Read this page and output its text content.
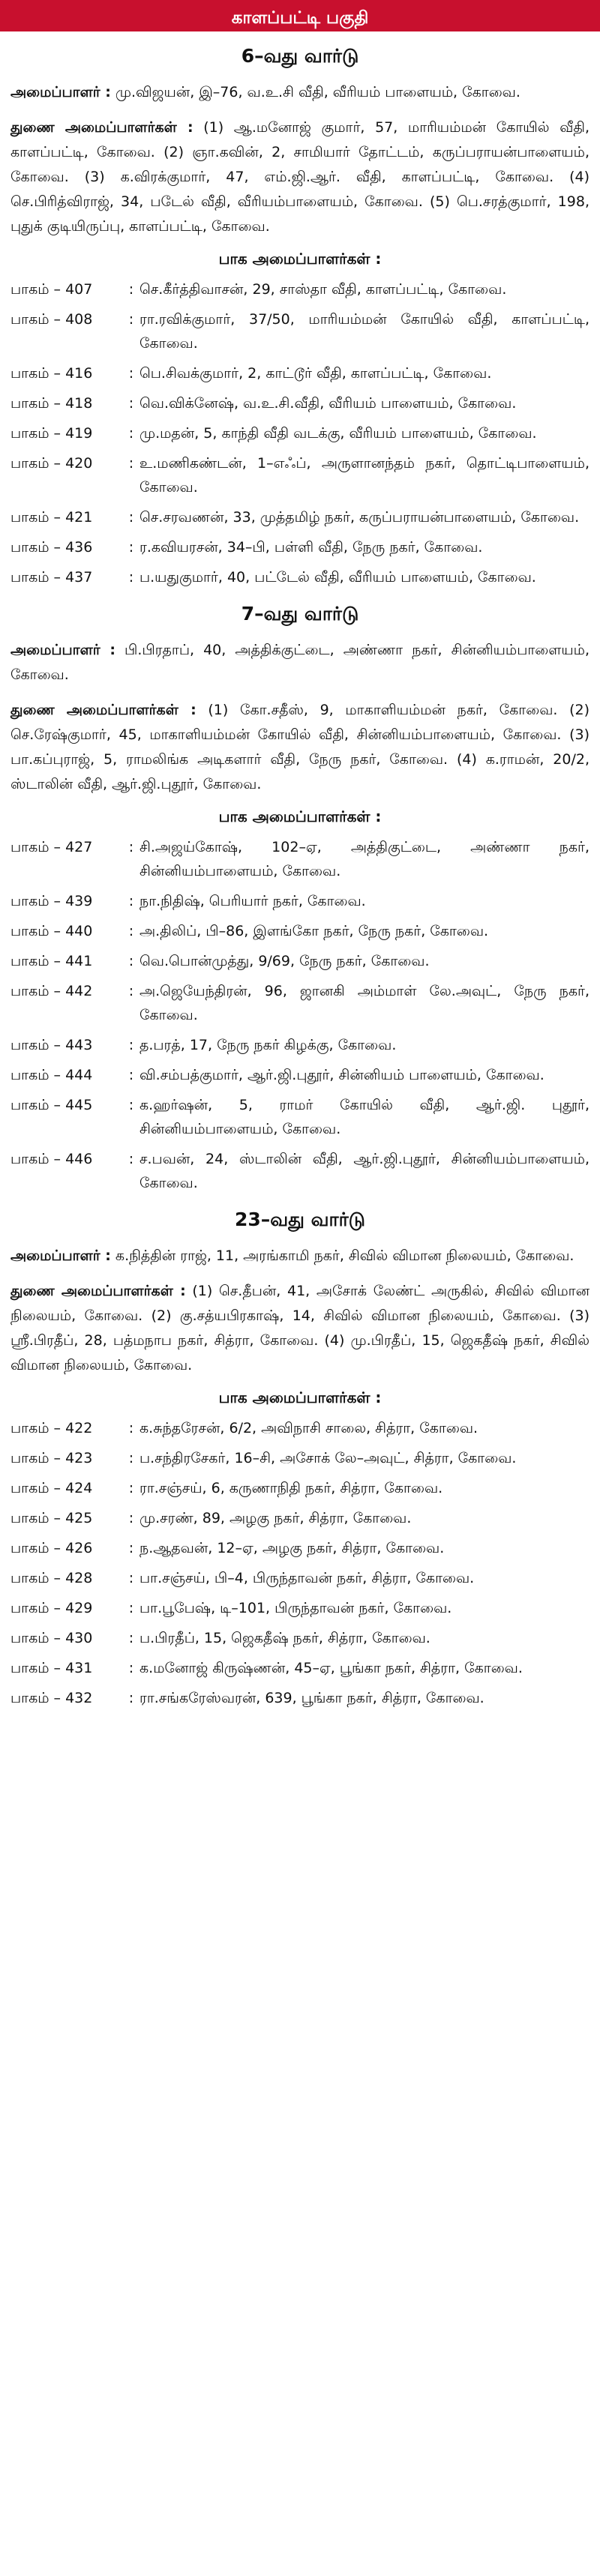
காளப்பட்டி பகுதி
6–வது வார்டு

அமைப்பாளர் : மு.விஜயன், இ–76, வ.உ.சி வீதி, வீரியம் பாளையம், கோவை.

துணை அமைப்பாளர்கள் : (1) ஆ.மனோஜ் குமார், 57, மாரியம்மன் கோயில் வீதி, காளப்பட்டி, கோவை. (2) ஞா.கவின், 2, சாமியார் தோட்டம், கருப்பராயன்பாளையம், கோவை. (3) க.விரக்குமார், 47, எம்.ஜி.ஆர். வீதி, காளப்பட்டி, கோவை. (4) செ.பிரித்விராஜ், 34, படேல் வீதி, வீரியம்பாளையம், கோவை. (5) பெ.சரத்குமார், 198, புதுக் குடியிருப்பு, காளப்பட்டி, கோவை.

பாக அமைப்பாளர்கள் :
பாகம் – 407	: செ.கீர்த்திவாசன், 29, சாஸ்தா வீதி, காளப்பட்டி, கோவை.
பாகம் – 408	: ரா.ரவிக்குமார், 37/50, மாரியம்மன் கோயில் வீதி, காளப்பட்டி, கோவை.
பாகம் – 416	: பெ.சிவக்குமார், 2, காட்டூர் வீதி, காளப்பட்டி, கோவை.
பாகம் – 418	: வெ.விக்னேஷ், வ.உ.சி.வீதி, வீரியம் பாளையம், கோவை.
பாகம் – 419	: மு.மதன், 5, காந்தி வீதி வடக்கு, வீரியம் பாளையம், கோவை.
பாகம் – 420	: உ.மணிகண்டன், 1–எஃப், அருளானந்தம் நகர், தொட்டிபாளையம், கோவை.
பாகம் – 421	: செ.சரவணன், 33, முத்தமிழ் நகர், கருப்பராயன்பாளையம், கோவை.
பாகம் – 436	: ர.கவியரசன், 34–பி, பள்ளி வீதி, நேரு நகர், கோவை.
பாகம் – 437	: ப.யதுகுமார், 40, பட்டேல் வீதி, வீரியம் பாளையம், கோவை.
7–வது வார்டு

அமைப்பாளர் : பி.பிரதாப், 40, அத்திக்குட்டை, அண்ணா நகர், சின்னியம்பாளையம், கோவை.

துணை அமைப்பாளர்கள் : (1) கோ.சதீஸ், 9, மாகாளியம்மன் நகர், கோவை. (2) செ.ரேஷ்குமார், 45, மாகாளியம்மன் கோயில் வீதி, சின்னியம்பாளையம், கோவை. (3) பா.கப்புராஜ், 5, ராமலிங்க அடிகளார் வீதி, நேரு நகர், கோவை. (4) க.ராமன், 20/2, ஸ்டாலின் வீதி, ஆர்.ஜி.புதூர், கோவை.

பாக அமைப்பாளர்கள் :
பாகம் – 427	: சி.அஜய்கோஷ், 102–ஏ, அத்திகுட்டை, அண்ணா நகர், சின்னியம்பாளையம், கோவை.
பாகம் – 439	: நா.நிதிஷ், பெரியார் நகர், கோவை.
பாகம் – 440	: அ.திலிப், பி–86, இளங்கோ நகர், நேரு நகர், கோவை.
பாகம் – 441	: வெ.பொன்முத்து, 9/69, நேரு நகர், கோவை.
பாகம் – 442	: அ.ஜெயேந்திரன், 96, ஜானகி அம்மாள் லே.அவுட், நேரு நகர், கோவை.
பாகம் – 443	: த.பரத், 17, நேரு நகர் கிழக்கு, கோவை.
பாகம் – 444	: வி.சம்பத்குமார், ஆர்.ஜி.புதூர், சின்னியம் பாளையம், கோவை.
பாகம் – 445	: க.ஹர்ஷன், 5, ராமர் கோயில் வீதி, ஆர்.ஜி. புதூர், சின்னியம்பாளையம், கோவை.
பாகம் – 446	: ச.பவன், 24, ஸ்டாலின் வீதி, ஆர்.ஜி.புதூர், சின்னியம்பாளையம், கோவை.
23–வது வார்டு

அமைப்பாளர் : க.நித்தின் ராஜ், 11, அரங்காமி நகர், சிவில் விமான நிலையம், கோவை.

துணை அமைப்பாளர்கள் : (1) செ.தீபன், 41, அசோக் லேண்ட் அருகில், சிவில் விமான நிலையம், கோவை. (2) கு.சத்யபிரகாஷ், 14, சிவில் விமான நிலையம், கோவை. (3) ஸ்ரீ.பிரதீப், 28, பத்மநாப நகர், சித்ரா, கோவை. (4) மு.பிரதீப், 15, ஜெகதீஷ் நகர், சிவில் விமான நிலையம், கோவை.

பாக அமைப்பாளர்கள் :
பாகம் – 422	: க.சுந்தரேசன், 6/2, அவிநாசி சாலை, சித்ரா, கோவை.
பாகம் – 423	: ப.சந்திரசேகர், 16–சி, அசோக் லே–அவுட், சித்ரா, கோவை.
பாகம் – 424	: ரா.சஞ்சய், 6, கருணாநிதி நகர், சித்ரா, கோவை.
பாகம் – 425	: மு.சரண், 89, அழகு நகர், சித்ரா, கோவை.
பாகம் – 426	: ந.ஆதவன், 12–ஏ, அழகு நகர், சித்ரா, கோவை.
பாகம் – 428	: பா.சஞ்சய், பி–4, பிருந்தாவன் நகர், சித்ரா, கோவை.
பாகம் – 429	: பா.பூபேஷ், டி–101, பிருந்தாவன் நகர், கோவை.
பாகம் – 430	: ப.பிரதீப், 15, ஜெகதீஷ் நகர், சித்ரா, கோவை.
பாகம் – 431	: க.மனோஜ் கிருஷ்ணன், 45–ஏ, பூங்கா நகர், சித்ரா, கோவை.
பாகம் – 432	: ரா.சங்கரேஸ்வரன், 639, பூங்கா நகர், சித்ரா, கோவை.
